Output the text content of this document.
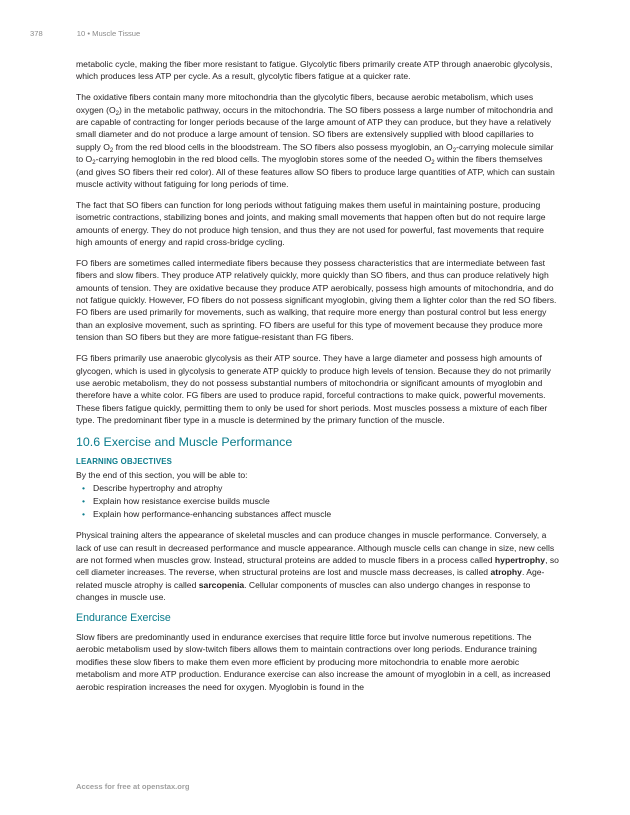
378	10 • Muscle Tissue

metabolic cycle, making the fiber more resistant to fatigue. Glycolytic fibers primarily create ATP through anaerobic glycolysis, which produces less ATP per cycle. As a result, glycolytic fibers fatigue at a quicker rate.

The oxidative fibers contain many more mitochondria than the glycolytic fibers, because aerobic metabolism, which uses oxygen $(O_2)$ in the metabolic pathway, occurs in the mitochondria. The SO fibers possess a large number of mitochondria and are capable of contracting for longer periods because of the large amount of ATP they can produce, but they have a relatively small diameter and do not produce a large amount of tension. SO fibers are extensively supplied with blood capillaries to supply $O_2$ from the red blood cells in the bloodstream. The SO fibers also possess myoglobin, an $O_2$-carrying molecule similar to $O_2$-carrying hemoglobin in the red blood cells. The myoglobin stores some of the needed $O_2$ within the fibers themselves (and gives SO fibers their red color). All of these features allow SO fibers to produce large quantities of ATP, which can sustain muscle activity without fatiguing for long periods of time.

The fact that SO fibers can function for long periods without fatiguing makes them useful in maintaining posture, producing isometric contractions, stabilizing bones and joints, and making small movements that happen often but do not require large amounts of energy. They do not produce high tension, and thus they are not used for powerful, fast movements that require high amounts of energy and rapid cross-bridge cycling.

FO fibers are sometimes called intermediate fibers because they possess characteristics that are intermediate between fast fibers and slow fibers. They produce ATP relatively quickly, more quickly than SO fibers, and thus can produce relatively high amounts of tension. They are oxidative because they produce ATP aerobically, possess high amounts of mitochondria, and do not fatigue quickly. However, FO fibers do not possess significant myoglobin, giving them a lighter color than the red SO fibers. FO fibers are used primarily for movements, such as walking, that require more energy than postural control but less energy than an explosive movement, such as sprinting. FO fibers are useful for this type of movement because they produce more tension than SO fibers but they are more fatigue-resistant than FG fibers.

FG fibers primarily use anaerobic glycolysis as their ATP source. They have a large diameter and possess high amounts of glycogen, which is used in glycolysis to generate ATP quickly to produce high levels of tension. Because they do not primarily use aerobic metabolism, they do not possess substantial numbers of mitochondria or significant amounts of myoglobin and therefore have a white color. FG fibers are used to produce rapid, forceful contractions to make quick, powerful movements. These fibers fatigue quickly, permitting them to only be used for short periods. Most muscles possess a mixture of each fiber type. The predominant fiber type in a muscle is determined by the primary function of the muscle.

10.6 Exercise and Muscle Performance
LEARNING OBJECTIVES
By the end of this section, you will be able to:
• Describe hypertrophy and atrophy
• Explain how resistance exercise builds muscle
• Explain how performance-enhancing substances affect muscle

Physical training alters the appearance of skeletal muscles and can produce changes in muscle performance. Conversely, a lack of use can result in decreased performance and muscle appearance. Although muscle cells can change in size, new cells are not formed when muscles grow. Instead, structural proteins are added to muscle fibers in a process called hypertrophy, so cell diameter increases. The reverse, when structural proteins are lost and muscle mass decreases, is called atrophy. Age-related muscle atrophy is called sarcopenia. Cellular components of muscles can also undergo changes in response to changes in muscle use.

Endurance Exercise

Slow fibers are predominantly used in endurance exercises that require little force but involve numerous repetitions. The aerobic metabolism used by slow-twitch fibers allows them to maintain contractions over long periods. Endurance training modifies these slow fibers to make them even more efficient by producing more mitochondria to enable more aerobic metabolism and more ATP production. Endurance exercise can also increase the amount of myoglobin in a cell, as increased aerobic respiration increases the need for oxygen. Myoglobin is found in the

Access for free at openstax.org
